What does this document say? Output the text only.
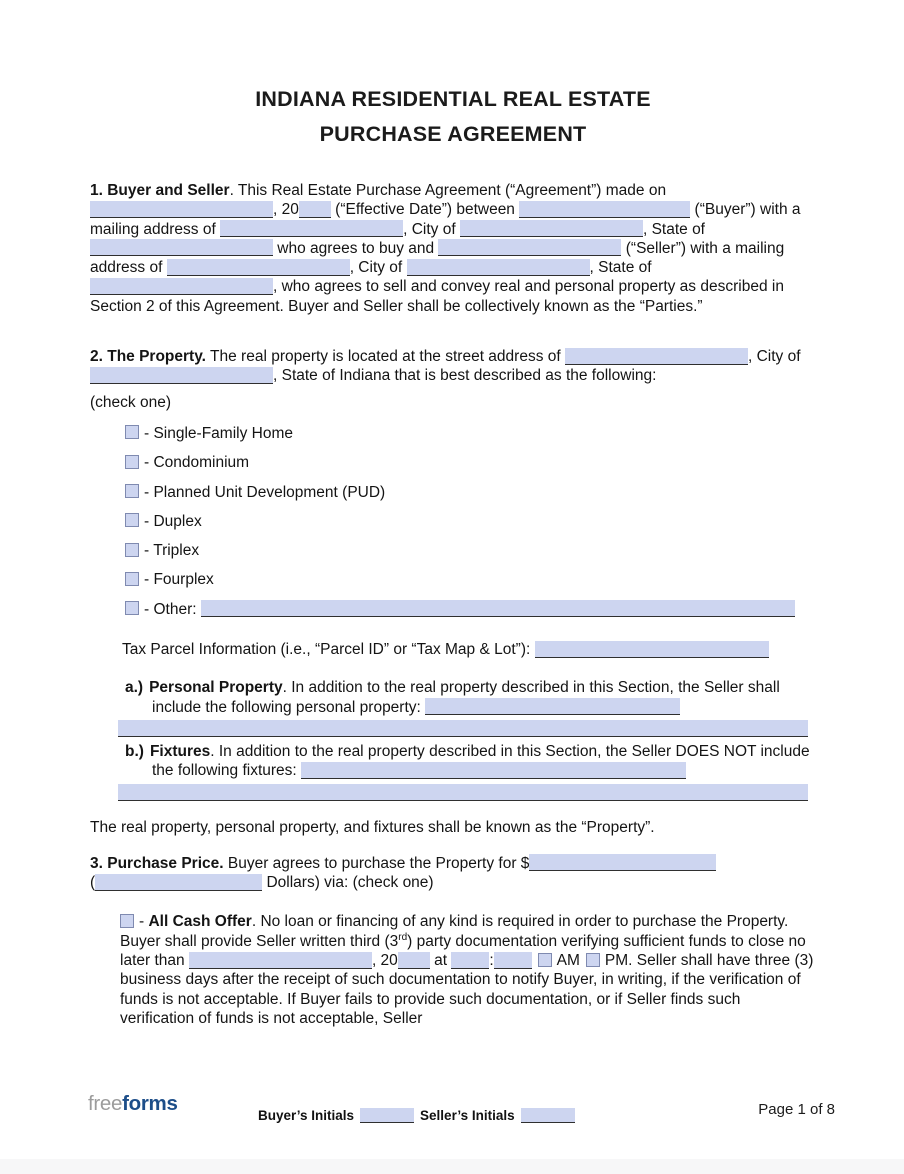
INDIANA RESIDENTIAL REAL ESTATE
PURCHASE AGREEMENT
1. Buyer and Seller. This Real Estate Purchase Agreement (“Agreement”) made on , 20 (“Effective Date”) between	(“Buyer”) with a mailing address of	, City of	, State of  who agrees to buy and	(“Seller”) with a mailing address of	, City of	, State of , who agrees to sell and convey real and personal property as described in Section 2 of this Agreement. Buyer and Seller shall be collectively known as the “Parties.”
2. The Property. The real property is located at the street address of	, City of , State of Indiana that is best described as the following:
(check one)
- Single-Family Home
- Condominium
- Planned Unit Development (PUD)
- Duplex
- Triplex
- Fourplex
- Other:
Tax Parcel Information (i.e., “Parcel ID” or “Tax Map & Lot”):
a.) Personal Property. In addition to the real property described in this Section, the Seller shall include the following personal property:
b.) Fixtures. In addition to the real property described in this Section, the Seller DOES NOT include the following fixtures:
The real property, personal property, and fixtures shall be known as the “Property”.
3. Purchase Price. Buyer agrees to purchase the Property for $
(	Dollars) via: (check one)
- All Cash Offer. No loan or financing of any kind is required in order to purchase the Property. Buyer shall provide Seller written third (3rd) party documentation verifying sufficient funds to close no later than	, 20 at :	AM PM. Seller shall have three (3) business days after the receipt of such documentation to notify Buyer, in writing, if the verification of funds is not acceptable. If Buyer fails to provide such documentation, or if Seller finds such verification of funds is not acceptable, Seller
freeforms
Buyer’s Initials	Seller’s Initials	Page 1 of 8
